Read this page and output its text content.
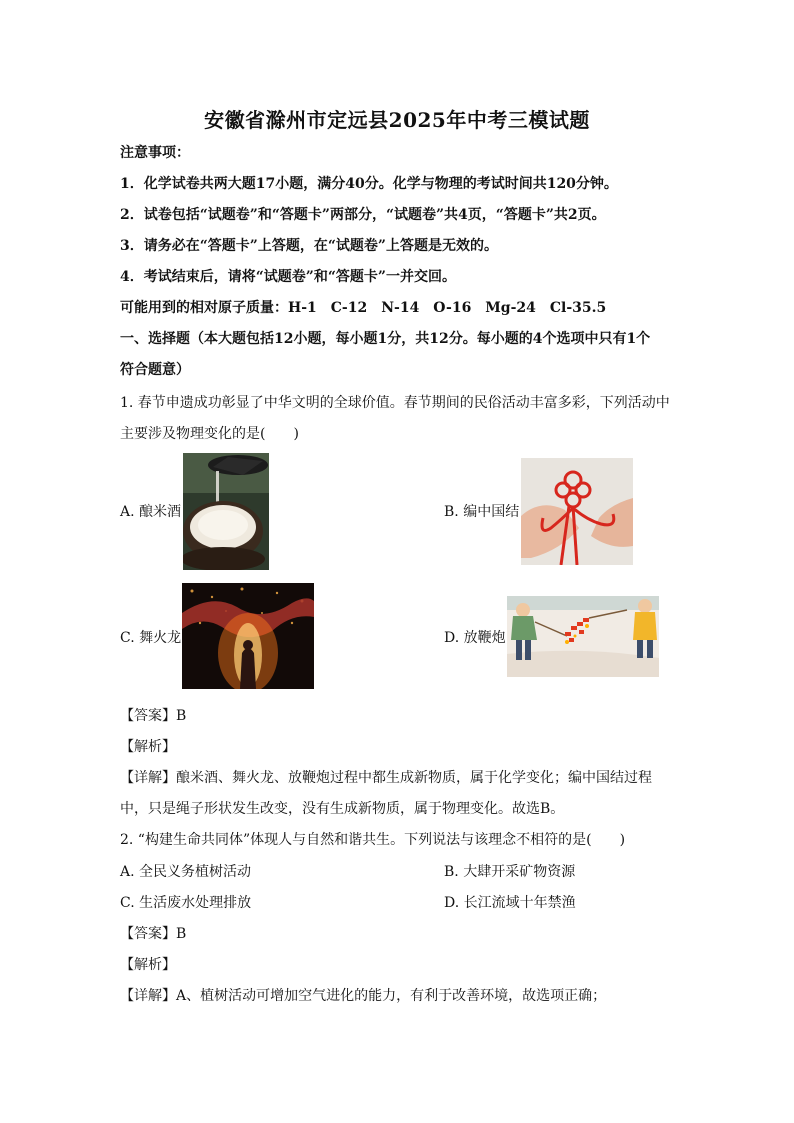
安徽省滁州市定远县2025年中考三模试题
注意事项：
1．化学试卷共两大题17小题，满分40分。化学与物理的考试时间共120分钟。
2．试卷包括“试题卷”和“答题卡”两部分，“试题卷”共4页，“答题卡”共2页。
3．请务必在“答题卡”上答题，在“试题卷”上答题是无效的。
4．考试结束后，请将“试题卷”和“答题卡”一并交回。
可能用到的相对原子质量：H-1　C-12　N-14　O-16　Mg-24　Cl-35.5
一、选择题（本大题包括12小题，每小题1分，共12分。每小题的4个选项中只有1个
符合题意）
1. 春节申遗成功彰显了中华文明的全球价值。春节期间的民俗活动丰富多彩，下列活动中
主要涉及物理变化的是(　　)
A. 酿米酒	B. 编中国结
C. 舞火龙	D. 放鞭炮
【答案】B
【解析】
【详解】酿米酒、舞火龙、放鞭炮过程中都生成新物质，属于化学变化；编中国结过程
中，只是绳子形状发生改变，没有生成新物质，属于物理变化。故选B。
2. “构建生命共同体”体现人与自然和谐共生。下列说法与该理念不相符的是(　　)
A. 全民义务植树活动	B. 大肆开采矿物资源
C. 生活废水处理排放	D. 长江流域十年禁渔
【答案】B
【解析】
【详解】A、植树活动可增加空气进化的能力，有利于改善环境，故选项正确；
